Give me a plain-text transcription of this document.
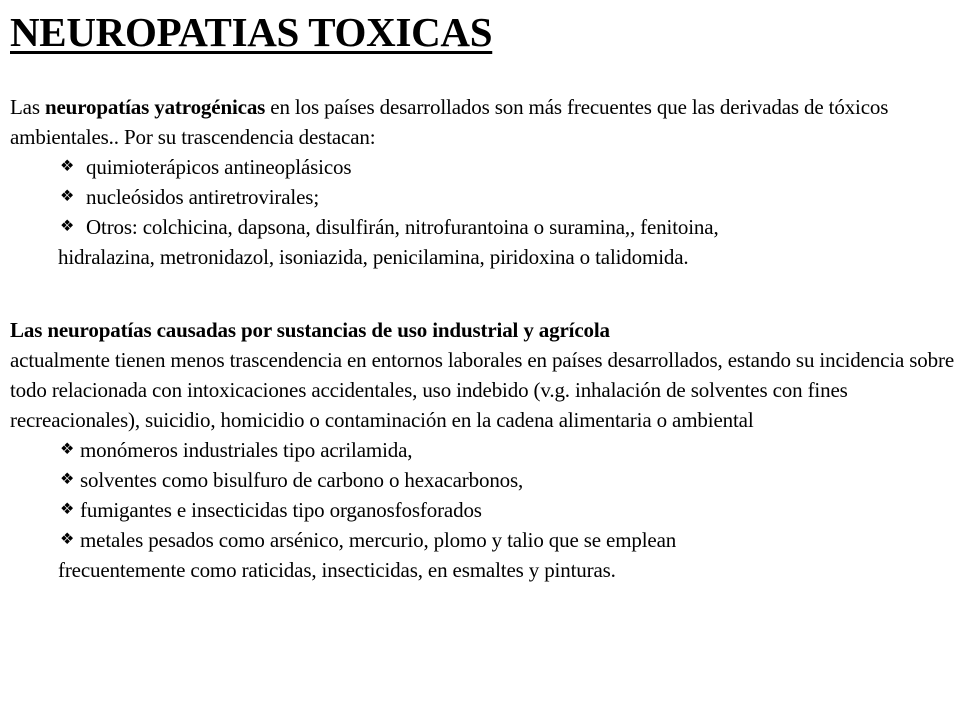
NEUROPATIAS TOXICAS

Las neuropatías yatrogénicas en los países desarrollados son más frecuentes que las derivadas de tóxicos ambientales.. Por su trascendencia destacan:

❖ quimioterápicos antineoplásicos
❖ nucleósidos antiretrovirales;
❖ Otros: colchicina, dapsona, disulfirán, nitrofurantoina o suramina,, fenitoina,
hidralazina, metronidazol, isoniazida, penicilamina, piridoxina o talidomida.

Las neuropatías causadas por sustancias de uso industrial y agrícola

actualmente tienen menos trascendencia en entornos laborales en países desarrollados, estando su incidencia sobre todo relacionada con intoxicaciones accidentales, uso indebido (v.g. inhalación de solventes con fines recreacionales), suicidio, homicidio o contaminación en la cadena alimentaria o ambiental

❖ monómeros industriales tipo acrilamida,
❖ solventes como bisulfuro de carbono o hexacarbonos,
❖ fumigantes e insecticidas tipo organosfosforados
❖ metales pesados como arsénico, mercurio, plomo y talio que se emplean
frecuentemente como raticidas, insecticidas, en esmaltes y pinturas.
